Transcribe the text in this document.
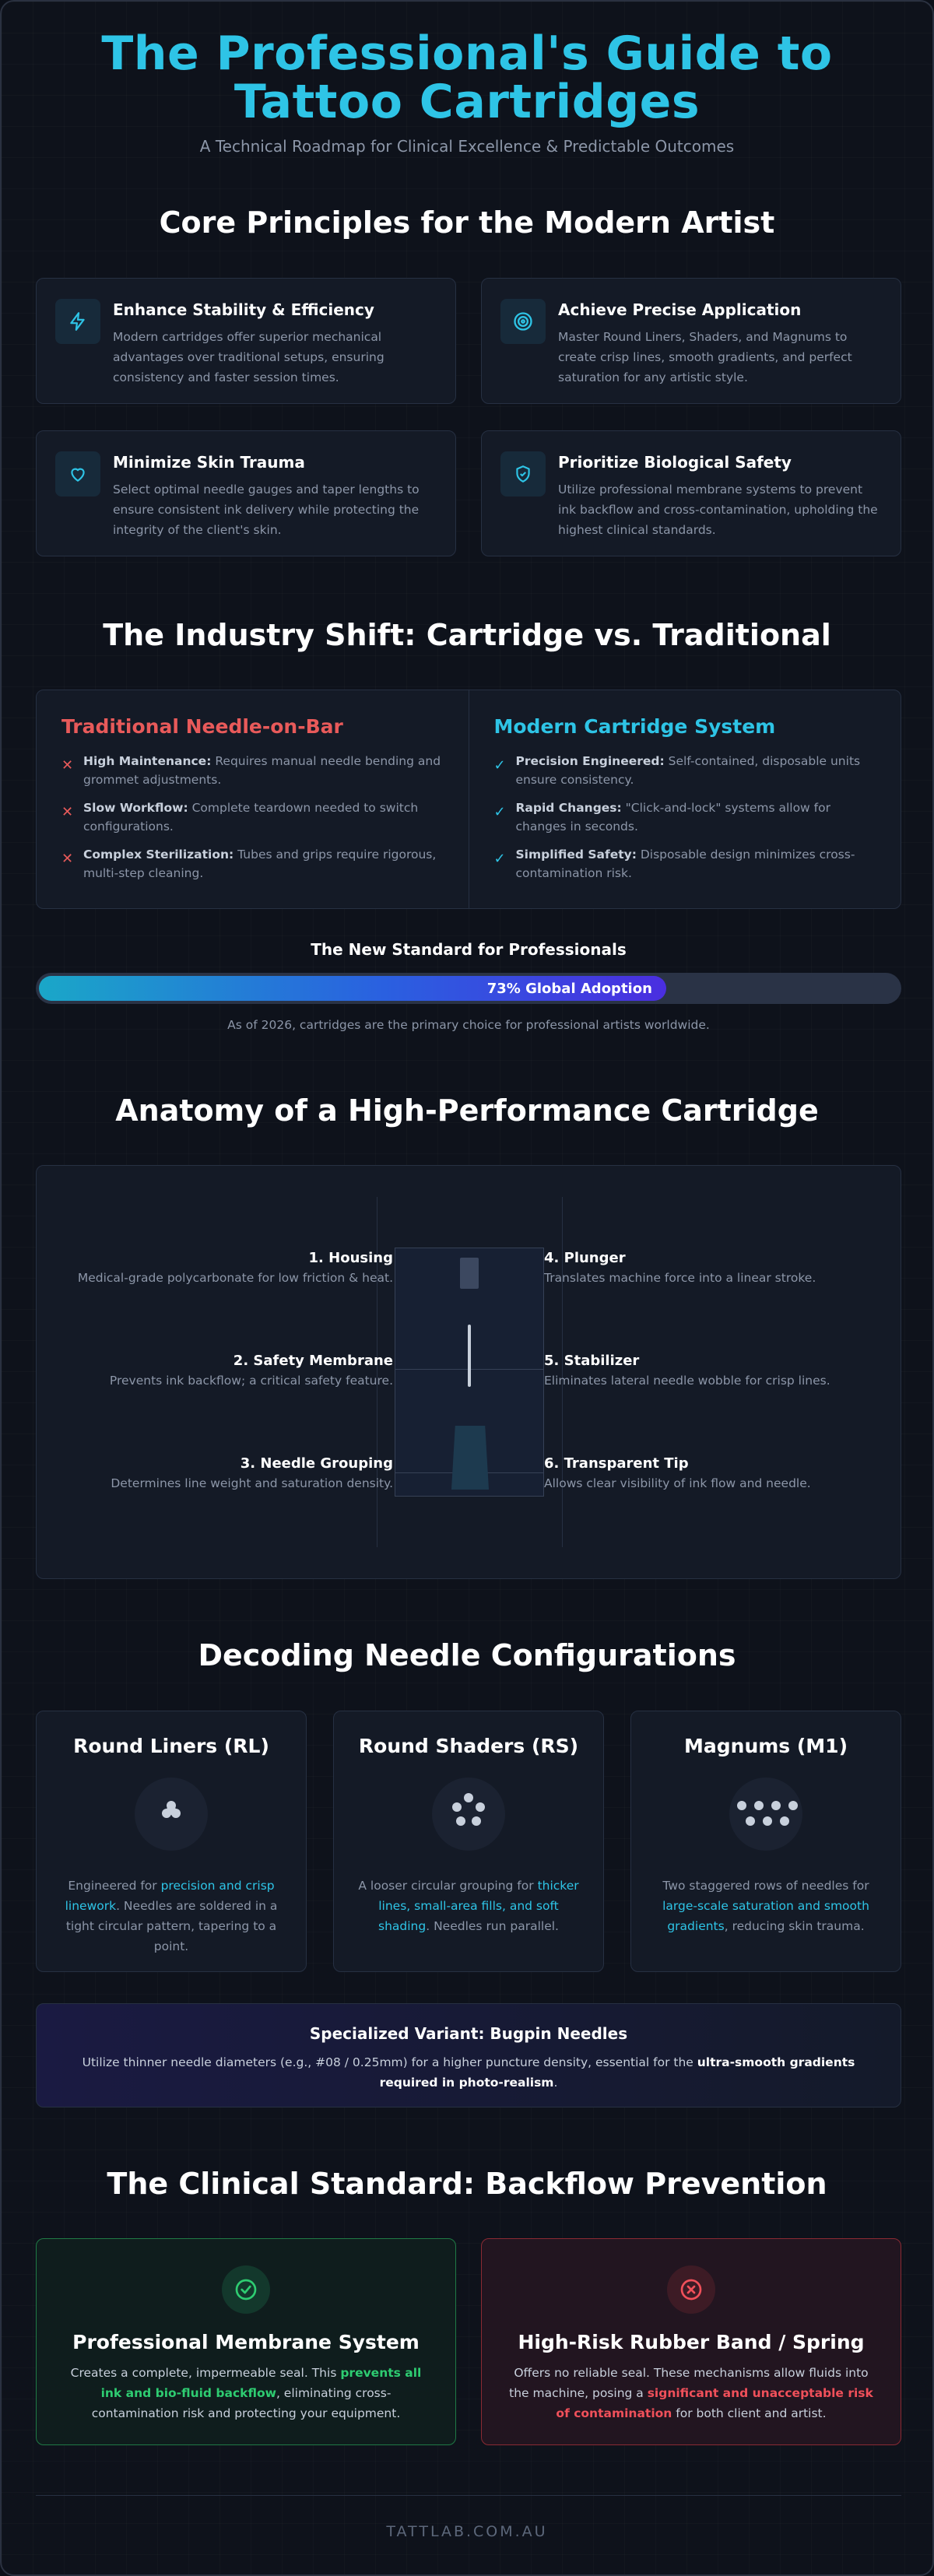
The Professional's Guide to
Tattoo Cartridges
A Technical Roadmap for Clinical Excellence & Predictable Outcomes
Core Principles for the Modern Artist
Enhance Stability & Efficiency

Modern cartridges offer superior mechanical advantages over traditional setups, ensuring consistency and faster session times.

Achieve Precise Application

Master Round Liners, Shaders, and Magnums to create crisp lines, smooth gradients, and perfect saturation for any artistic style.

Minimize Skin Trauma

Select optimal needle gauges and taper lengths to ensure consistent ink delivery while protecting the integrity of the client's skin.

Prioritize Biological Safety

Utilize professional membrane systems to prevent ink backflow and cross-contamination, upholding the highest clinical standards.

The Industry Shift: Cartridge vs. Traditional
Traditional Needle-on-Bar
✕ High Maintenance: Requires manual needle bending and grommet adjustments.
✕ Slow Workflow: Complete teardown needed to switch configurations.
✕ Complex Sterilization: Tubes and grips require rigorous, multi-step cleaning.
Modern Cartridge System
✓ Precision Engineered: Self-contained, disposable units ensure consistency.
✓ Rapid Changes: "Click-and-lock" systems allow for changes in seconds.
✓ Simplified Safety: Disposable design minimizes cross-contamination risk.
The New Standard for Professionals
73% Global Adoption
As of 2026, cartridges are the primary choice for professional artists worldwide.
Anatomy of a High-Performance Cartridge
1. Housing

Medical-grade polycarbonate for low friction & heat.

2. Safety Membrane

Prevents ink backflow; a critical safety feature.

3. Needle Grouping

Determines line weight and saturation density.

4. Plunger

Translates machine force into a linear stroke.

5. Stabilizer

Eliminates lateral needle wobble for crisp lines.

6. Transparent Tip

Allows clear visibility of ink flow and needle.

Decoding Needle Configurations
Round Liners (RL)

Engineered for precision and crisp linework. Needles are soldered in a tight circular pattern, tapering to a point.

Round Shaders (RS)

A looser circular grouping for thicker lines, small-area fills, and soft shading. Needles run parallel.

Magnums (M1)

Two staggered rows of needles for large-scale saturation and smooth gradients, reducing skin trauma.

Specialized Variant: Bugpin Needles

Utilize thinner needle diameters (e.g., #08 / 0.25mm) for a higher puncture density, essential for the ultra-smooth gradients required in photo-realism.

The Clinical Standard: Backflow Prevention
Professional Membrane System

Creates a complete, impermeable seal. This prevents all ink and bio-fluid backflow, eliminating cross-contamination risk and protecting your equipment.

High-Risk Rubber Band / Spring

Offers no reliable seal. These mechanisms allow fluids into the machine, posing a significant and unacceptable risk of contamination for both client and artist.

TATTLAB.COM.AU
